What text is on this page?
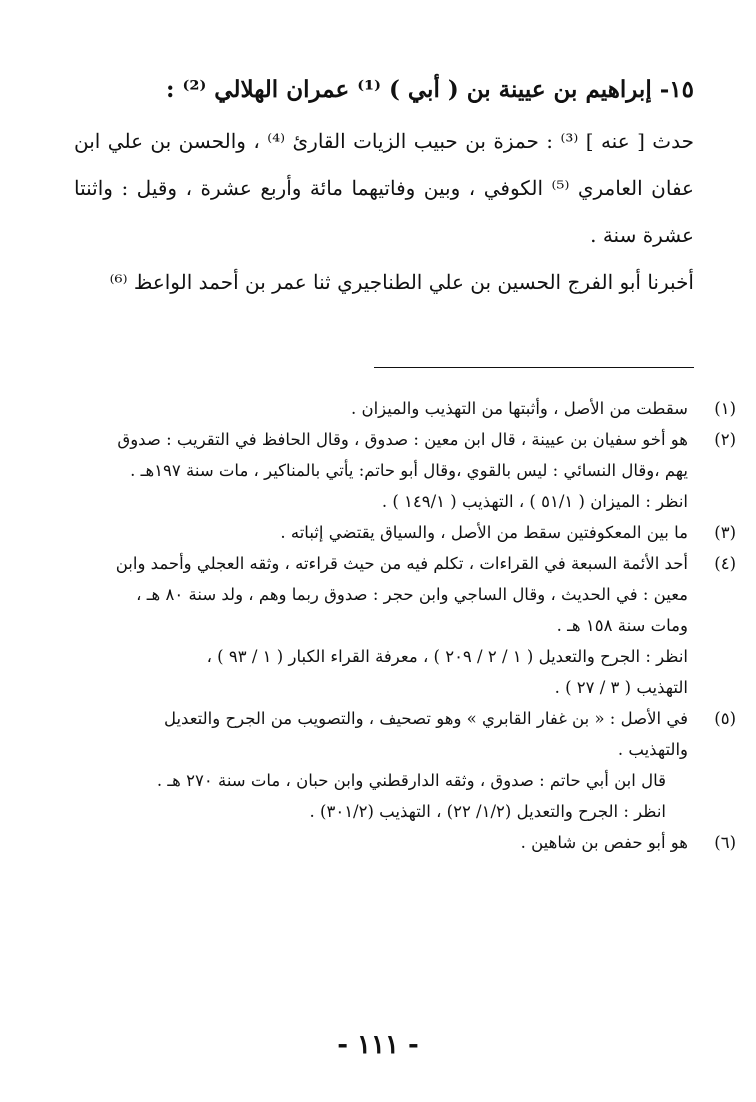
١٥- إبراهيم بن عيينة بن ( أبي ) ⁽¹⁾ عمران الهلالي ⁽²⁾ :

حدث [ عنه ] ⁽³⁾ : حمزة بن حبيب الزيات القارئ ⁽⁴⁾ ، والحسن بن علي ابن عفان العامري ⁽⁵⁾ الكوفي ، وبين وفاتيهما مائة وأربع عشرة ، وقيل : واثنتا عشرة سنة .

أخبرنا أبو الفرج الحسين بن علي الطناجيري ثنا عمر بن أحمد الواعظ ⁽⁶⁾

(١)
سقطت من الأصل ، وأثبتها من التهذيب والميزان .
(٢)
هو أخو سفيان بن عيينة ، قال ابن معين : صدوق ، وقال الحافظ في التقريب : صدوق
يهم ،وقال النسائي : ليس بالقوي ،وقال أبو حاتم: يأتي بالمناكير ، مات سنة ١٩٧هـ .
انظر : الميزان ( ٥١/١ ) ، التهذيب ( ١٤٩/١ ) .
(٣)
ما بين المعكوفتين سقط من الأصل ، والسياق يقتضي إثباته .
(٤)
أحد الأئمة السبعة في القراءات ، تكلم فيه من حيث قراءته ، وثقه العجلي وأحمد وابن
معين : في الحديث ، وقال الساجي وابن حجر : صدوق ربما وهم ، ولد سنة ٨٠ هـ ،
ومات سنة ١٥٨ هـ .
انظر : الجرح والتعديل ( ١ / ٢ / ٢٠٩ ) ، معرفة القراء الكبار ( ١ / ٩٣ ) ،
التهذيب ( ٣ / ٢٧ ) .
(٥)
في الأصل : « بن غفار القابري » وهو تصحيف ، والتصويب من الجرح والتعديل
والتهذيب .
قال ابن أبي حاتم : صدوق ، وثقه الدارقطني وابن حبان ، مات سنة ٢٧٠ هـ .
انظر : الجرح والتعديل (١/٢/ ٢٢) ، التهذيب (٣٠١/٢) .
(٦)
هو أبو حفص بن شاهين .
- ١١١ -
